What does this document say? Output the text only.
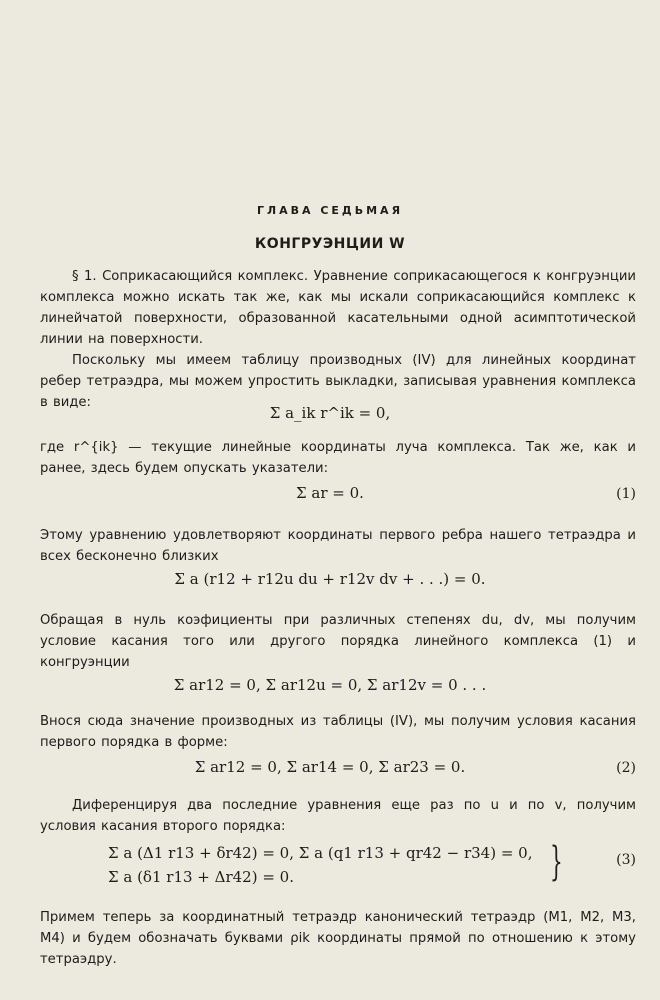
ГЛАВА СЕДЬМАЯ
КОНГРУЭНЦИИ W
§ 1. Соприкасающийся комплекс. Уравнение соприкасающегося к конгруэнции комплекса можно искать так же, как мы искали соприкасающийся комплекс к линейчатой поверхности, образованной касательными одной асимптотической линии на поверхности.
Поскольку мы имеем таблицу производных (IV) для линейных координат ребер тетраэдра, мы можем упростить выкладки, записывая уравнения комплекса в виде:
Σ a_ik r^ik = 0,
где r^{ik} — текущие линейные координаты луча комплекса. Так же, как и ранее, здесь будем опускать указатели:
Σ ar = 0.	(1)
Этому уравнению удовлетворяют координаты первого ребра нашего тетраэдра и всех бесконечно близких
Σ a (r12 + r12u du + r12v dv + . . .) = 0.
Обращая в нуль коэфициенты при различных степенях du, dv, мы получим условие касания того или другого порядка линейного комплекса (1) и конгруэнции
Σ ar12 = 0, Σ ar12u = 0, Σ ar12v = 0 . . .
Внося сюда значение производных из таблицы (IV), мы получим условия касания первого порядка в форме:
Σ ar12 = 0, Σ ar14 = 0, Σ ar23 = 0.	(2)
Диференцируя два последние уравнения еще раз по u и по v, получим условия касания второго порядка:
Σ a (Δ1 r13 + δr42) = 0, Σ a (q1 r13 + qr42 − r34) = 0,
Σ a (δ1 r13 + Δr42) = 0.	}	(3)
Примем теперь за координатный тетраэдр канонический тетраэдр (M1, M2, M3, M4) и будем обозначать буквами ρik координаты прямой по отношению к этому тетраэдру.
